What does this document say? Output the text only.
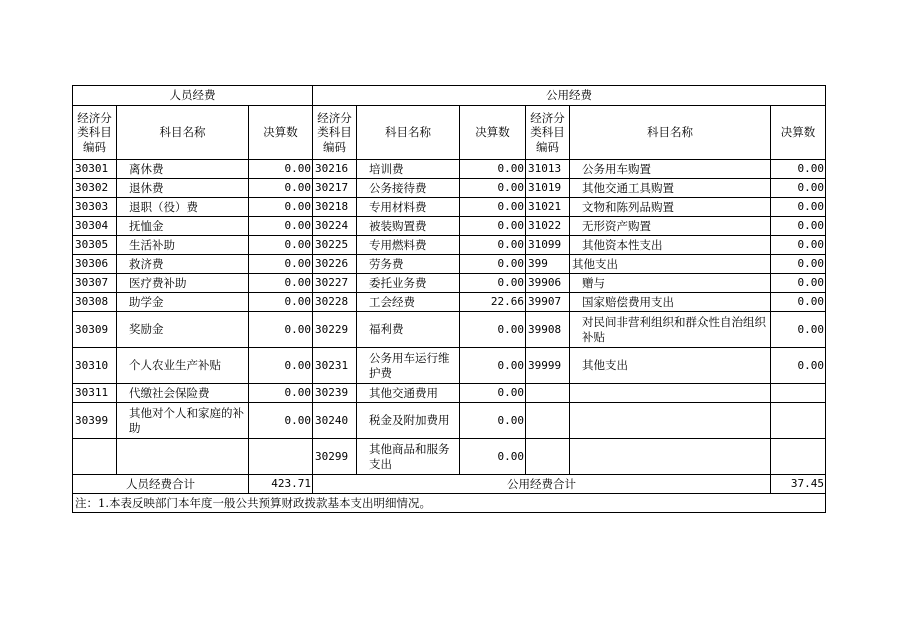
人员经费			公用经费					
经济分类科目编码	科目名称	决算数	经济分类科目编码	科目名称	决算数	经济分类科目编码	科目名称	决算数
30301	离休费	0.00	30216	培训费	0.00	31013	公务用车购置	0.00
30302	退休费	0.00	30217	公务接待费	0.00	31019	其他交通工具购置	0.00
30303	退职（役）费	0.00	30218	专用材料费	0.00	31021	文物和陈列品购置	0.00
30304	抚恤金	0.00	30224	被装购置费	0.00	31022	无形资产购置	0.00
30305	生活补助	0.00	30225	专用燃料费	0.00	31099	其他资本性支出	0.00
30306	救济费	0.00	30226	劳务费	0.00	399	其他支出	0.00
30307	医疗费补助	0.00	30227	委托业务费	0.00	39906	赠与	0.00
30308	助学金	0.00	30228	工会经费	22.66	39907	国家赔偿费用支出	0.00
30309	奖励金	0.00	30229	福利费	0.00	39908	对民间非营利组织和群众性自治组织补贴	0.00
30310	个人农业生产补贴	0.00	30231	公务用车运行维护费	0.00	39999	其他支出	0.00
30311	代缴社会保险费	0.00	30239	其他交通费用	0.00			
30399	其他对个人和家庭的补助	0.00	30240	税金及附加费用	0.00			
			30299	其他商品和服务支出	0.00			
人员经费合计		423.71	公用经费合计					37.45
注：1.本表反映部门本年度一般公共预算财政拨款基本支出明细情况。								
